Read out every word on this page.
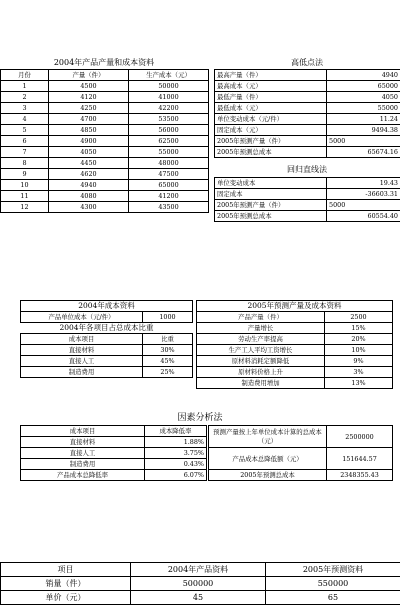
2004年产品产量和成本资料
月份	产量（件）	生产成本（元）
1	4500	50000
2	4120	41000
3	4250	42200
4	4700	53500
5	4850	56000
6	4900	62500
7	4050	55000
8	4450	48000
9	4620	47500
10	4940	65000
11	4080	41200
12	4300	43500
高低点法
最高产量（件）	4940
最高成本（元）	65000
最低产量（件）	4050
最低成本（元）	55000
单位变动成本（元/件）	11.24
固定成本（元）	9494.38
2005年预测产量（件）	5000
2005年预测总成本	65674.16
回归直线法
单位变动成本	19.43
固定成本	-36603.31
2005年预测产量（件）	5000
2005年预测总成本	60554.40
2004年成本资料	
产品单位成本（元/件）	1000
2004年各项目占总成本比重	
成本项目	比重
直接材料	30%
直接人工	45%
制造费用	25%
2005年预测产量及成本资料	
产品产量（件）	2500
产量增长	15%
劳动生产率提高	20%
生产工人平均工资增长	10%
原材料消耗定额降低	9%
原材料价格上升	3%
制造费用增加	13%
因素分析法
成本项目	成本降低率
直接材料	1.88%
直接人工	3.75%
制造费用	0.43%
产品成本总降低率	6.07%
预测产量按上年单位成本计算的总成本（元）	2500000
产品成本总降低额（元）	151644.57
2005年预测总成本	2348355.43
项目	2004年产品资料	2005年预测资料
销量（件）	500000	550000
单价（元）	45	65
